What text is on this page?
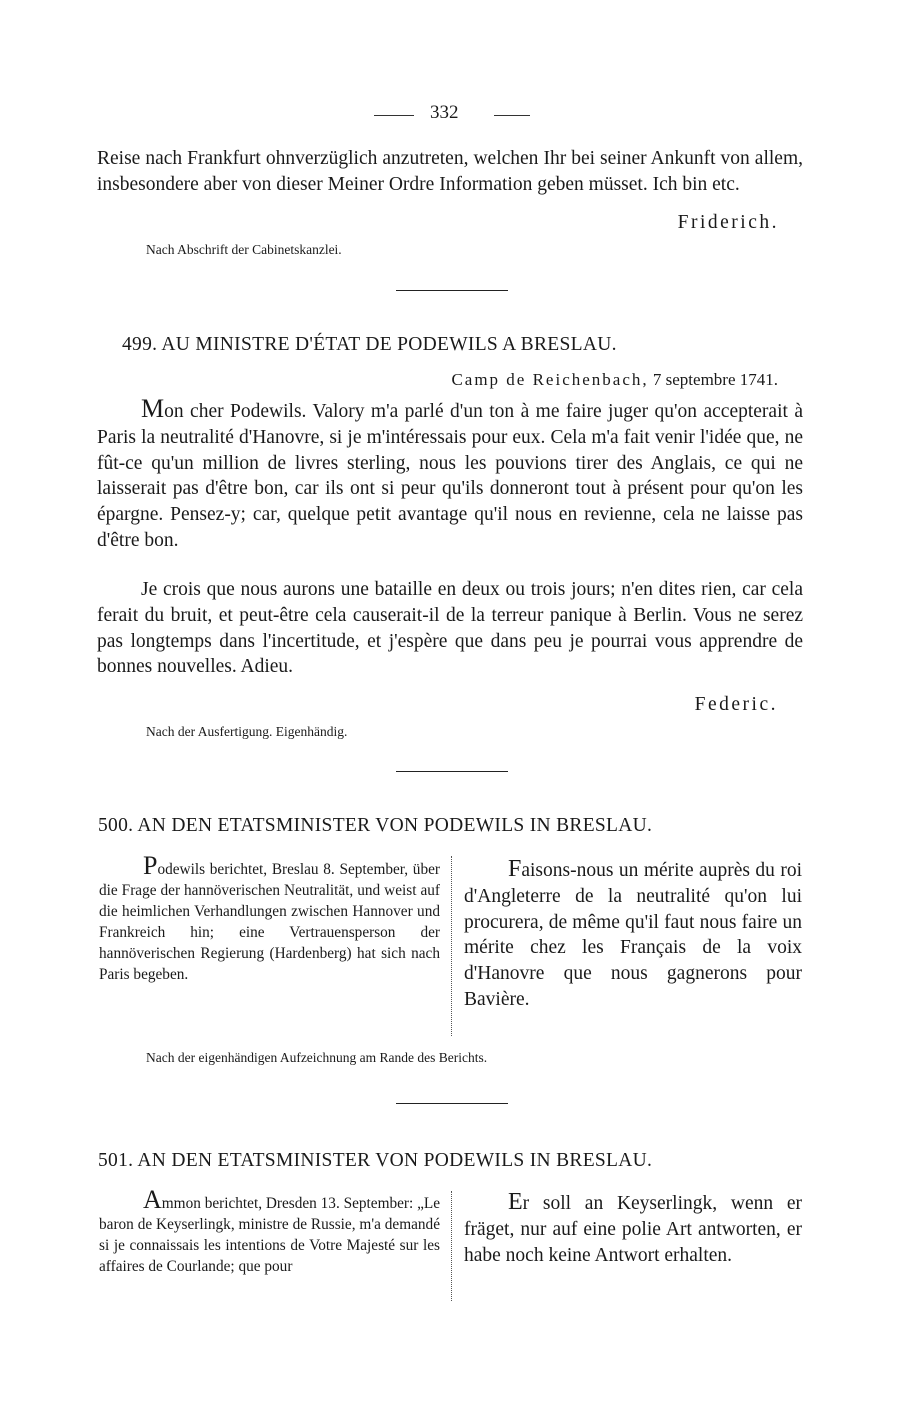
332
Reise nach Frankfurt ohnverzüglich anzutreten, welchen Ihr bei seiner Ankunft von allem, insbesondere aber von dieser Meiner Ordre Information geben müsset. Ich bin etc.
Friderich.
Nach Abschrift der Cabinetskanzlei.
499. AU MINISTRE D'ÉTAT DE PODEWILS A BRESLAU.
Camp de Reichenbach, 7 septembre 1741.
Mon cher Podewils. Valory m'a parlé d'un ton à me faire juger qu'on accepterait à Paris la neutralité d'Hanovre, si je m'intéressais pour eux. Cela m'a fait venir l'idée que, ne fût-ce qu'un million de livres sterling, nous les pouvions tirer des Anglais, ce qui ne laisserait pas d'être bon, car ils ont si peur qu'ils donneront tout à présent pour qu'on les épargne. Pensez-y; car, quelque petit avantage qu'il nous en revienne, cela ne laisse pas d'être bon.
Je crois que nous aurons une bataille en deux ou trois jours; n'en dites rien, car cela ferait du bruit, et peut-être cela causerait-il de la terreur panique à Berlin. Vous ne serez pas longtemps dans l'incertitude, et j'espère que dans peu je pourrai vous apprendre de bonnes nouvelles. Adieu.
Federic.
Nach der Ausfertigung. Eigenhändig.
500. AN DEN ETATSMINISTER VON PODEWILS IN BRESLAU.
Podewils berichtet, Breslau 8. September, über die Frage der hannöverischen Neutralität, und weist auf die heimlichen Verhandlungen zwischen Hannover und Frankreich hin; eine Vertrauensperson der hannöverischen Regierung (Hardenberg) hat sich nach Paris begeben.
Faisons-nous un mérite auprès du roi d'Angleterre de la neutralité qu'on lui procurera, de même qu'il faut nous faire un mérite chez les Français de la voix d'Hanovre que nous gagnerons pour Bavière.
Nach der eigenhändigen Aufzeichnung am Rande des Berichts.
501. AN DEN ETATSMINISTER VON PODEWILS IN BRESLAU.
Ammon berichtet, Dresden 13. September: „Le baron de Keyserlingk, ministre de Russie, m'a demandé si je connaissais les intentions de Votre Majesté sur les affaires de Courlande; que pour
Er soll an Keyserlingk, wenn er fräget, nur auf eine polie Art antworten, er habe noch keine Antwort erhalten.
